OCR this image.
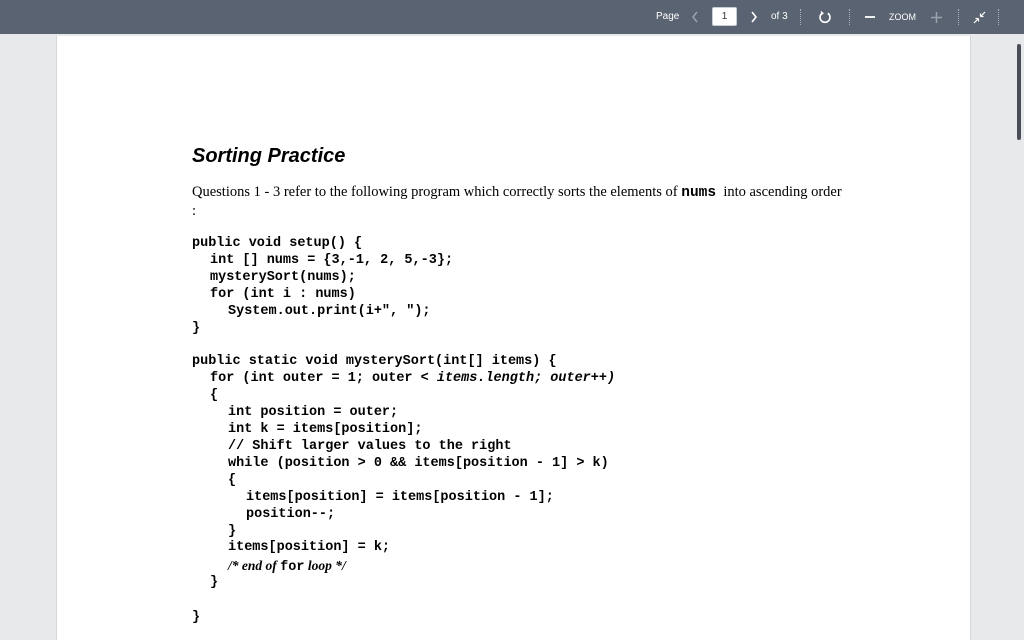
Page
1	of 3	ZOOM
Sorting Practice
Questions 1 - 3 refer to the following program which correctly sorts the elements of nums into ascending order :
public void setup() {
int [] nums = {3,-1, 2, 5,-3};
mysterySort(nums);
for (int i : nums)
System.out.print(i+", ");
}
public static void mysterySort(int[] items) {
for (int outer = 1; outer < items.length; outer++)
{
int position = outer;
int k = items[position];
// Shift larger values to the right
while (position > 0 && items[position - 1] > k)
{
items[position] = items[position - 1];
position--;
}
items[position] = k;
/* end of for loop */
}
}
